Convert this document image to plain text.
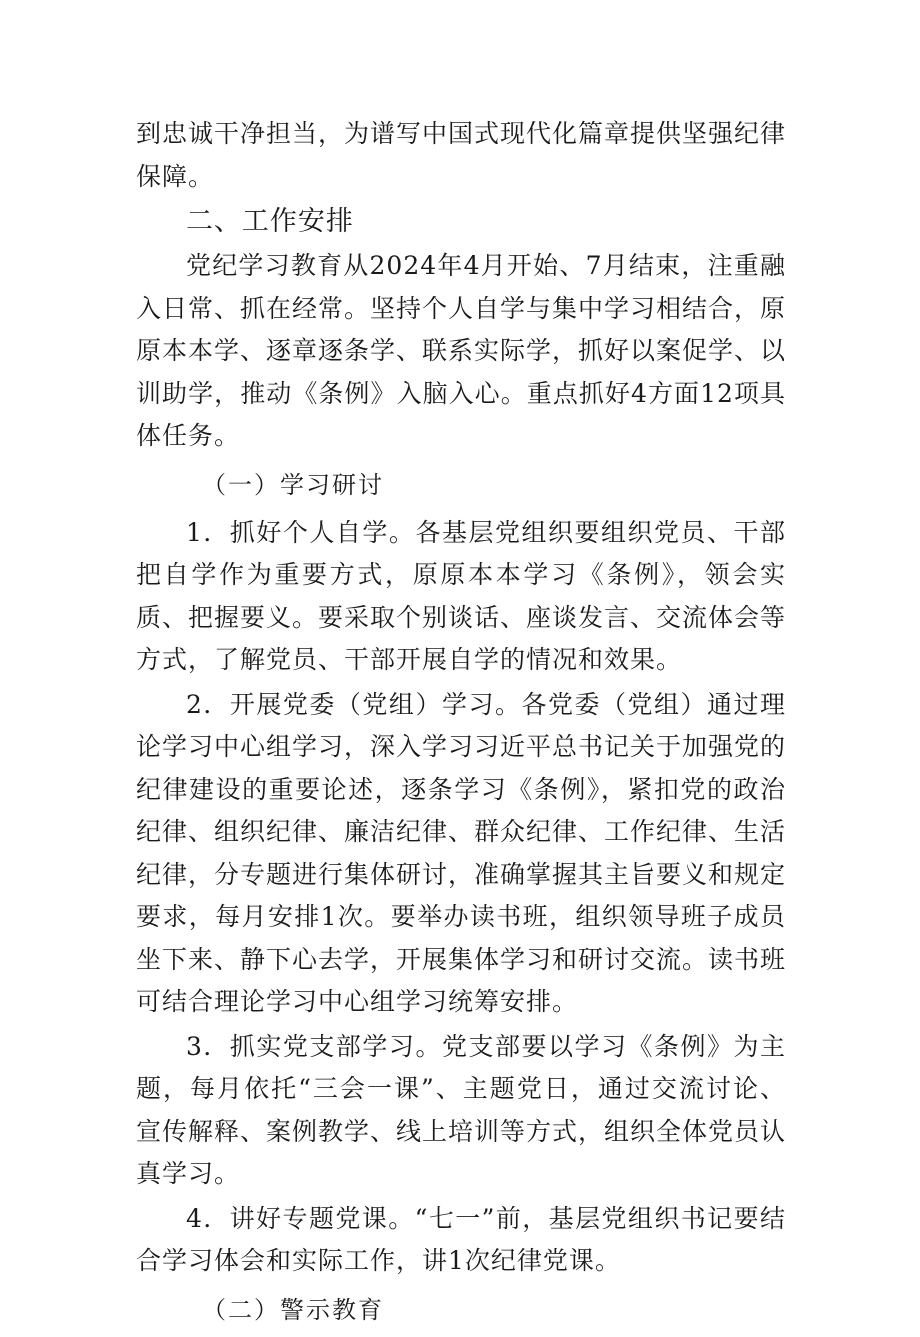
到忠诚干净担当，为谱写中国式现代化篇章提供坚强纪律保障。

二、工作安排

党纪学习教育从2024年4月开始、7月结束，注重融入日常、抓在经常。坚持个人自学与集中学习相结合，原原本本学、逐章逐条学、联系实际学，抓好以案促学、以训助学，推动《条例》入脑入心。重点抓好4方面12项具体任务。

（一）学习研讨

1．抓好个人自学。各基层党组织要组织党员、干部把自学作为重要方式，原原本本学习《条例》，领会实质、把握要义。要采取个别谈话、座谈发言、交流体会等方式，了解党员、干部开展自学的情况和效果。

2．开展党委（党组）学习。各党委（党组）通过理论学习中心组学习，深入学习习近平总书记关于加强党的纪律建设的重要论述，逐条学习《条例》，紧扣党的政治纪律、组织纪律、廉洁纪律、群众纪律、工作纪律、生活纪律，分专题进行集体研讨，准确掌握其主旨要义和规定要求，每月安排1次。要举办读书班，组织领导班子成员坐下来、静下心去学，开展集体学习和研讨交流。读书班可结合理论学习中心组学习统筹安排。

3．抓实党支部学习。党支部要以学习《条例》为主题，每月依托“三会一课”、主题党日，通过交流讨论、宣传解释、案例教学、线上培训等方式，组织全体党员认真学习。

4．讲好专题党课。“七一”前，基层党组织书记要结合学习体会和实际工作，讲1次纪律党课。

（二）警示教育
